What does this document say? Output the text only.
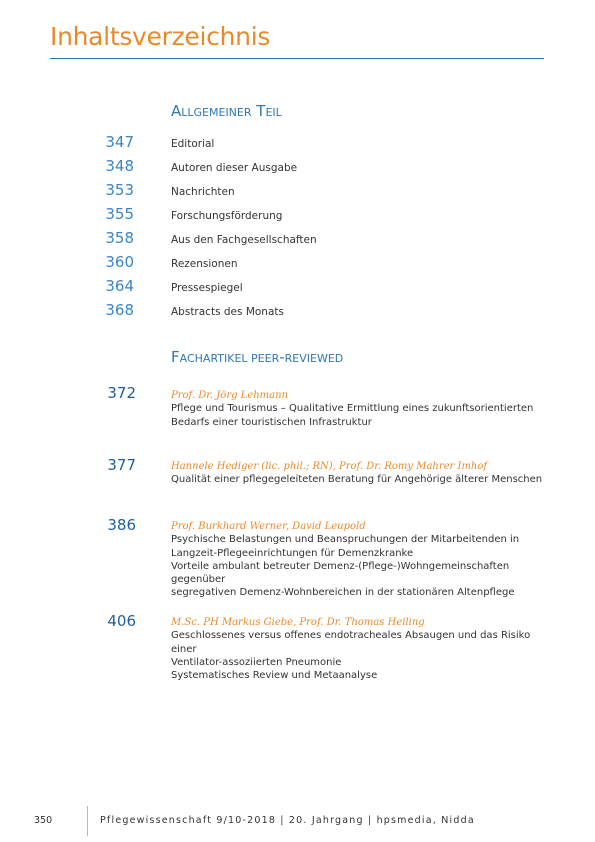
Inhaltsverzeichnis
ALLGEMEINER TEIL
347	Editorial
348	Autoren dieser Ausgabe
353	Nachrichten
355	Forschungsförderung
358	Aus den Fachgesellschaften
360	Rezensionen
364	Pressespiegel
368	Abstracts des Monats
FACHARTIKEL PEER-REVIEWED
372	Prof. Dr. Jörg Lehmann
Pflege und Tourismus – Qualitative Ermittlung eines zukunftsorientierten
Bedarfs einer touristischen Infrastruktur
377	Hannele Hediger (lic. phil.; RN), Prof. Dr. Romy Mahrer Imhof
Qualität einer pflegegeleiteten Beratung für Angehörige älterer Menschen
386	Prof. Burkhard Werner, David Leupold
Psychische Belastungen und Beanspruchungen der Mitarbeitenden in
Langzeit-Pflegeeinrichtungen für Demenzkranke
Vorteile ambulant betreuter Demenz-(Pflege-)Wohngemeinschaften gegenüber
segregativen Demenz-Wohnbereichen in der stationären Altenpflege
406	M.Sc. PH Markus Giebe, Prof. Dr. Thomas Heiling
Geschlossenes versus offenes endotracheales Absaugen und das Risiko einer
Ventilator-assoziierten Pneumonie
Systematisches Review und Metaanalyse
350	Pflegewissenschaft 9/10-2018 | 20. Jahrgang | hpsmedia, Nidda
